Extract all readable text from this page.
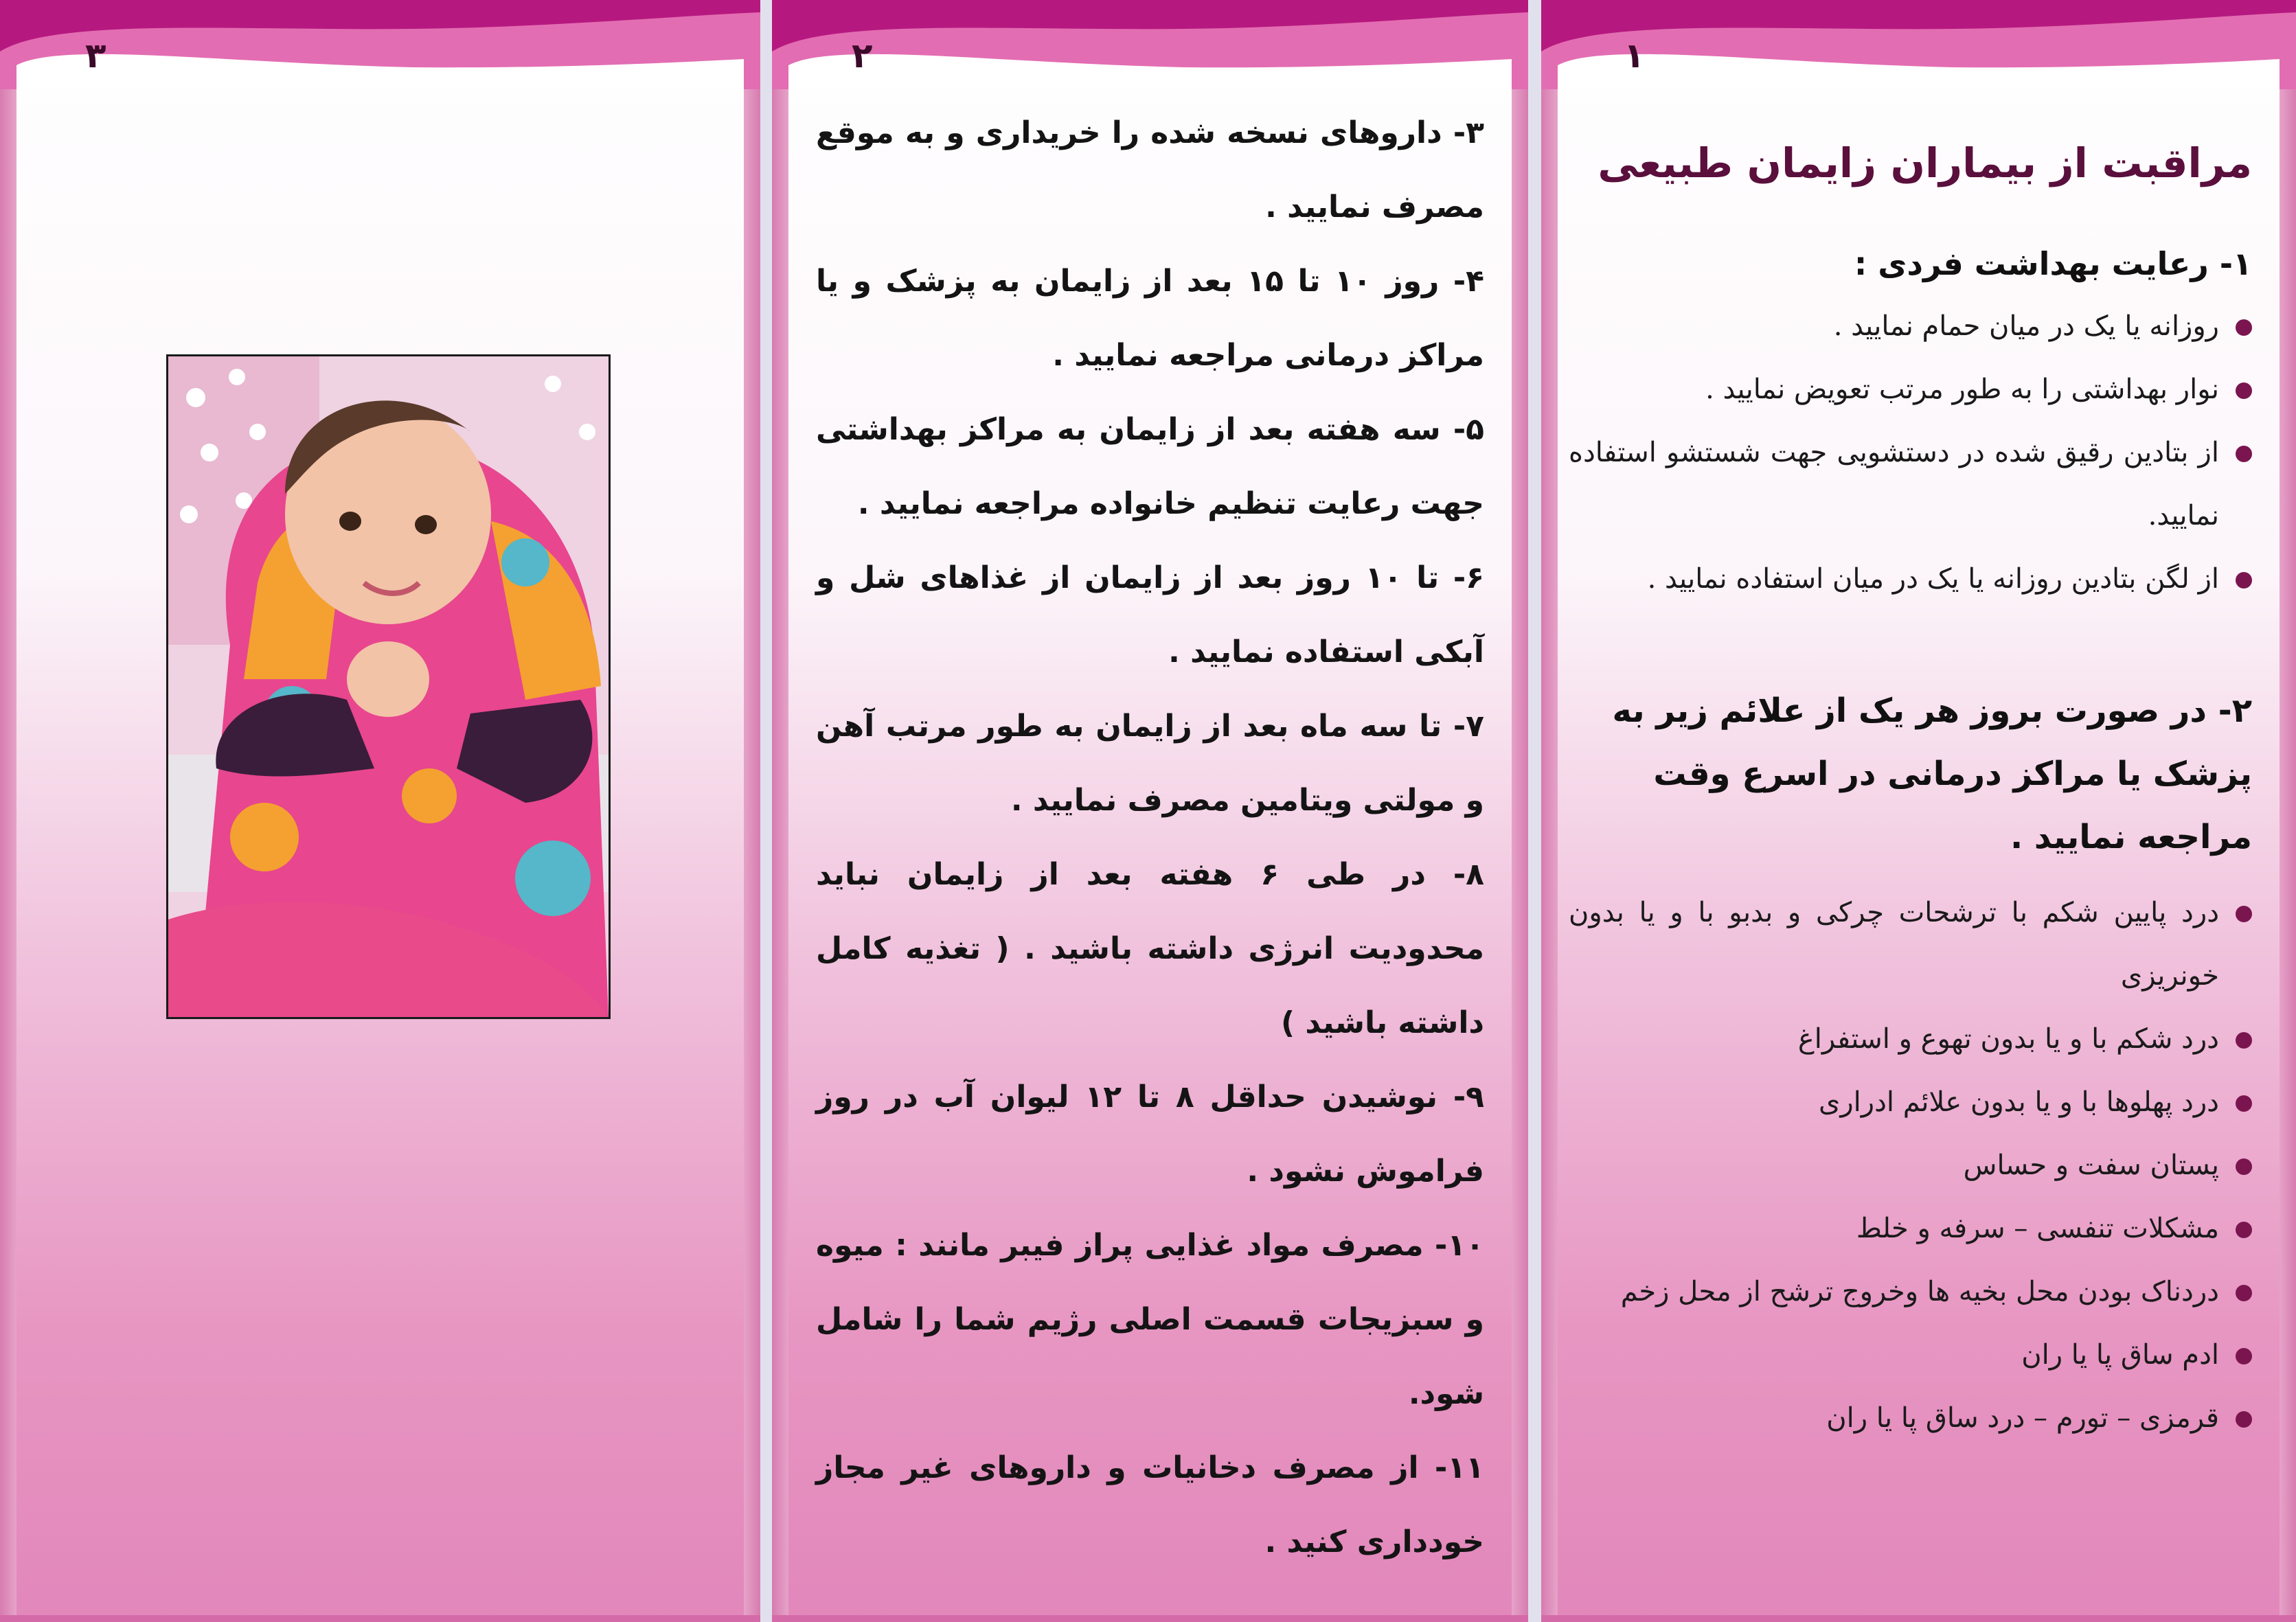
۱
مراقبت از بیماران زایمان طبیعی
۱- رعایت بهداشت فردی :
روزانه یا یک در میان حمام نمایید .
نوار بهداشتی را به طور مرتب تعویض نمایید .
از بتادین رقیق شده در دستشویی جهت شستشو استفاده نمایید.
از لگن بتادین روزانه یا یک در میان استفاده نمایید .
۲- در صورت بروز هر یک از علائم زیر به پزشک یا مراکز درمانی در اسرع وقت مراجعه نمایید .
درد پایین شکم با ترشحات چرکی و بدبو با و یا بدون خونریزی
درد شکم با و یا بدون تهوع و استفراغ
درد پهلوها با و یا بدون علائم ادراری
پستان سفت و حساس
مشکلات تنفسی – سرفه و خلط
دردناک بودن محل بخیه ها وخروج ترشح از محل زخم
ادم ساق پا یا ران
قرمزی – تورم – درد ساق پا یا ران
۲
۳- داروهای نسخه شده را خریداری و به موقع مصرف نمایید .
۴- روز ۱۰ تا ۱۵ بعد از زایمان به پزشک و یا مراکز درمانی مراجعه نمایید .
۵- سه هفته بعد از زایمان به مراکز بهداشتی جهت رعایت تنظیم خانواده مراجعه نمایید .
۶- تا ۱۰ روز بعد از زایمان از غذاهای شل و آبکی استفاده نمایید .
۷- تا سه ماه بعد از زایمان به طور مرتب آهن و مولتی ویتامین مصرف نمایید .
۸- در طی ۶ هفته بعد از زایمان نباید محدودیت انرژی داشته باشید . ( تغذیه کامل داشته باشید )
۹- نوشیدن حداقل ۸ تا ۱۲ لیوان آب در روز فراموش نشود .
۱۰- مصرف مواد غذایی پراز فیبر مانند : میوه و سبزیجات قسمت اصلی رژیم شما را شامل شود.
۱۱- از مصرف دخانیات و داروهای غیر مجاز خودداری کنید .
۳
